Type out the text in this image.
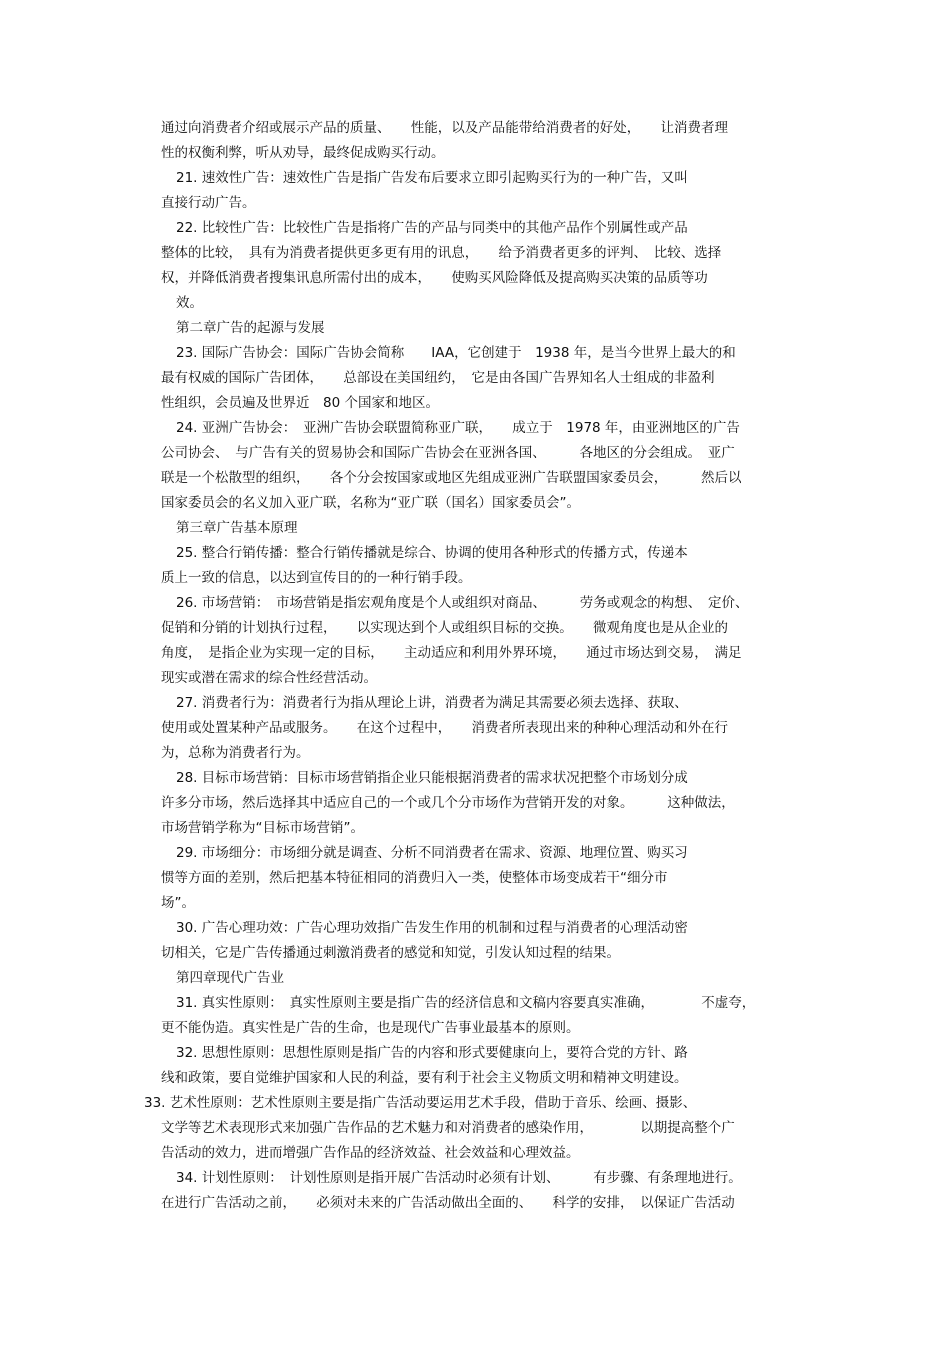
通过向消费者介绍或展示产品的质量、　　性能，以及产品能带给消费者的好处，　　让消费者理
性的权衡利弊，听从劝导，最终促成购买行动。
21. 速效性广告：速效性广告是指广告发布后要求立即引起购买行为的一种广告，又叫
直接行动广告。
22. 比较性广告：比较性广告是指将广告的产品与同类中的其他产品作个别属性或产品
整体的比较，　具有为消费者提供更多更有用的讯息，　　给予消费者更多的评判、　比较、选择
权，并降低消费者搜集讯息所需付出的成本，　　使购买风险降低及提高购买决策的品质等功
效。
第二章广告的起源与发展
23. 国际广告协会：国际广告协会简称　　IAA，它创建于　1938 年，是当今世界上最大的和
最有权威的国际广告团体，　　总部设在美国纽约，　它是由各国广告界知名人士组成的非盈利
性组织，会员遍及世界近　80 个国家和地区。
24. 亚洲广告协会：　亚洲广告协会联盟简称亚广联，　　成立于　1978 年，由亚洲地区的广告
公司协会、　与广告有关的贸易协会和国际广告协会在亚洲各国、　　　各地区的分会组成。　亚广
联是一个松散型的组织，　　各个分会按国家或地区先组成亚洲广告联盟国家委员会，　　　然后以
国家委员会的名义加入亚广联，名称为“亚广联（国名）国家委员会”。
第三章广告基本原理
25. 整合行销传播：整合行销传播就是综合、协调的使用各种形式的传播方式，传递本
质上一致的信息，以达到宣传目的的一种行销手段。
26. 市场营销：　市场营销是指宏观角度是个人或组织对商品、　　　劳务或观念的构想、　定价、
促销和分销的计划执行过程，　　以实现达到个人或组织目标的交换。　　微观角度也是从企业的
角度，　是指企业为实现一定的目标，　　主动适应和利用外界环境，　　通过市场达到交易，　满足
现实或潜在需求的综合性经营活动。
27. 消费者行为：消费者行为指从理论上讲，消费者为满足其需要必须去选择、获取、
使用或处置某种产品或服务。　　在这个过程中，　　消费者所表现出来的种种心理活动和外在行
为，总称为消费者行为。
28. 目标市场营销：目标市场营销指企业只能根据消费者的需求状况把整个市场划分成
许多分市场，然后选择其中适应自己的一个或几个分市场作为营销开发的对象。　　　这种做法，
市场营销学称为“目标市场营销”。
29. 市场细分：市场细分就是调查、分析不同消费者在需求、资源、地理位置、购买习
惯等方面的差别，然后把基本特征相同的消费归入一类，使整体市场变成若干“细分市
场”。
30. 广告心理功效：广告心理功效指广告发生作用的机制和过程与消费者的心理活动密
切相关，它是广告传播通过刺激消费者的感觉和知觉，引发认知过程的结果。
第四章现代广告业
31. 真实性原则：　真实性原则主要是指广告的经济信息和文稿内容要真实准确，　　　　不虚夸，
更不能伪造。真实性是广告的生命，也是现代广告事业最基本的原则。
32. 思想性原则：思想性原则是指广告的内容和形式要健康向上，要符合党的方针、路
线和政策，要自觉维护国家和人民的利益，要有利于社会主义物质文明和精神文明建设。
33. 艺术性原则：艺术性原则主要是指广告活动要运用艺术手段，借助于音乐、绘画、摄影、
文学等艺术表现形式来加强广告作品的艺术魅力和对消费者的感染作用，　　　　以期提高整个广
告活动的效力，进而增强广告作品的经济效益、社会效益和心理效益。
34. 计划性原则：　计划性原则是指开展广告活动时必须有计划、　　　有步骤、有条理地进行。
在进行广告活动之前，　　必须对未来的广告活动做出全面的、　　科学的安排，　以保证广告活动
